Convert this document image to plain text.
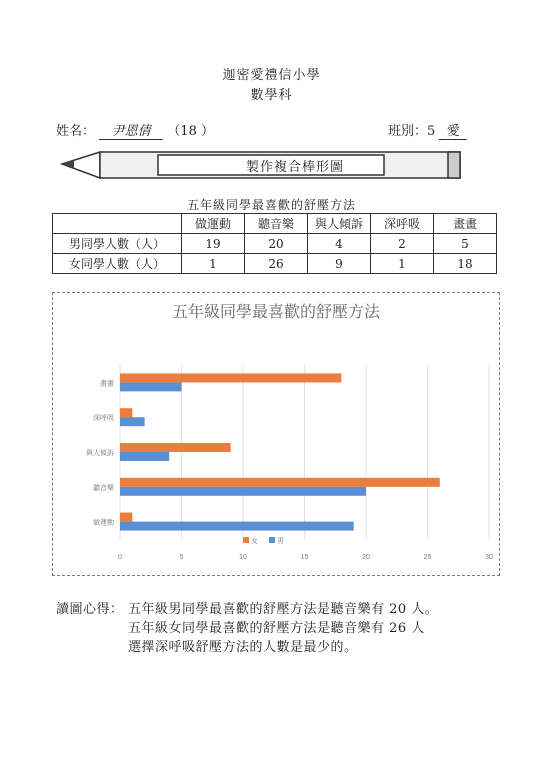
迦密愛禮信小學
數學科
姓名： 尹恩倩 （18 ）	班別：5 愛
製作複合棒形圖
五年級同學最喜歡的舒壓方法
	做運動	聽音樂	與人傾訴	深呼吸	畫畫
男同學人數（人）	19	20	4	2	5
女同學人數（人）	1	26	9	1	18
五年級同學最喜歡的舒壓方法
0	5	10	15	20	25	30
做運動
聽音樂
與人傾訴
深呼吸
畫畫
女	男
讀圖心得： 五年級男同學最喜歡的舒壓方法是聽音樂有 20 人。
五年級女同學最喜歡的舒壓方法是聽音樂有 26 人
選擇深呼吸舒壓方法的人數是最少的。
